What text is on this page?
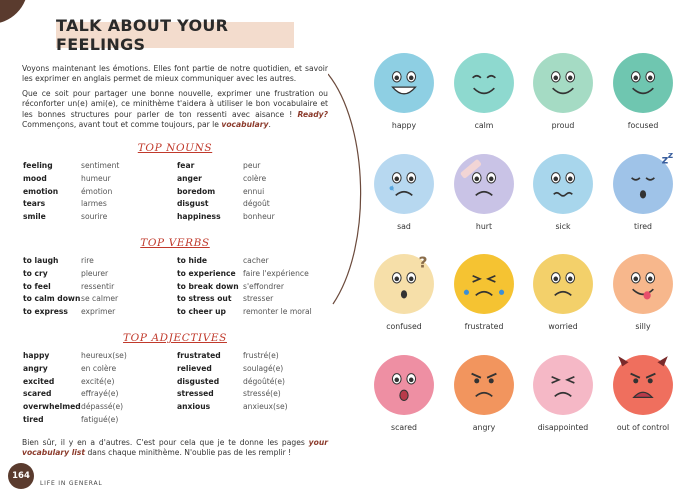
TALK ABOUT YOUR FEELINGS
Voyons maintenant les émotions. Elles font partie de notre quotidien, et savoir les exprimer en anglais permet de mieux communiquer avec les autres.
Que ce soit pour partager une bonne nouvelle, exprimer une frustration ou réconforter un(e) ami(e), ce minithème t'aidera à utiliser le bon vocabulaire et les bonnes structures pour parler de ton ressenti avec aisance ! Ready? Commençons, avant tout et comme toujours, par le vocabulary.
TOP NOUNS
feeling	sentiment
mood	humeur
emotion	émotion
tears	larmes
smile	sourire
fear	peur
anger	colère
boredom	ennui
disgust	dégoût
happiness	bonheur
TOP VERBS
to laugh	rire
to cry	pleurer
to feel	ressentir
to calm down se calmer
to express	exprimer
to hide	cacher
to experience faire l'expérience
to break down s'effondrer
to stress out	stresser
to cheer up	remonter le moral
TOP ADJECTIVES
happy	heureux(se)
angry	en colère
excited	excité(e)
scared	effrayé(e)
overwhelmed dépassé(e)
tired	fatigué(e)
frustrated	frustré(e)
relieved	soulagé(e)
disgusted	dégoûté(e)
stressed	stressé(e)
anxious	anxieux(se)
Bien sûr, il y en a d'autres. C'est pour cela que je te donne les pages your vocabulary list dans chaque minithème. N'oublie pas de les remplir !
164
LIFE IN GENERAL
happy	calm	proud	focused
sad	hurt	sick
z z
tired
?
confused	frustrated	worried	silly
scared	angry	disappointed	out of control
